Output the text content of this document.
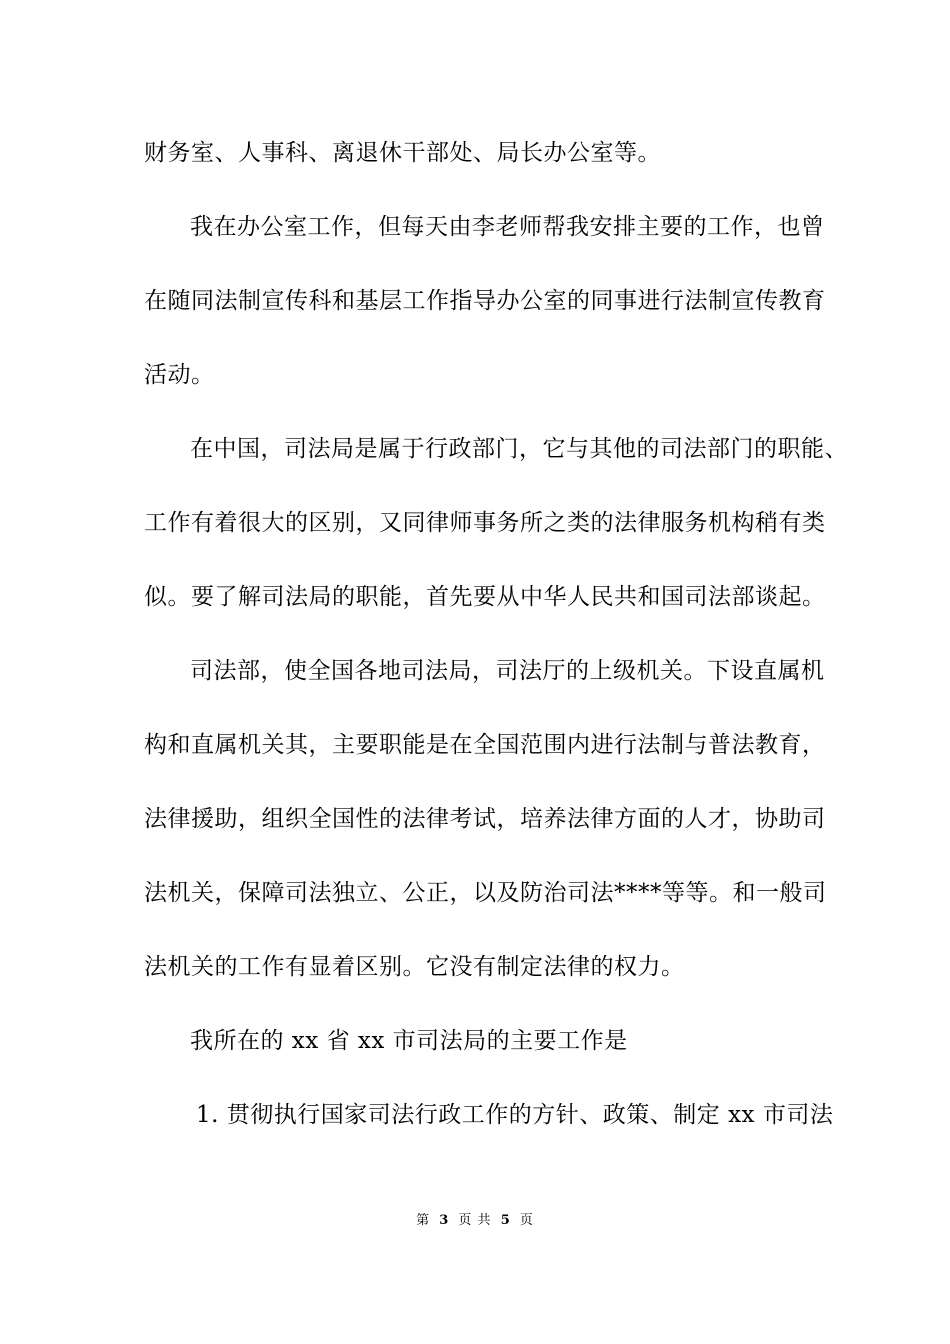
财务室、人事科、离退休干部处、局长办公室等。
我在办公室工作，但每天由李老师帮我安排主要的工作，也曾
在随同法制宣传科和基层工作指导办公室的同事进行法制宣传教育
活动。
在中国，司法局是属于行政部门，它与其他的司法部门的职能、
工作有着很大的区别，又同律师事务所之类的法律服务机构稍有类
似。要了解司法局的职能，首先要从中华人民共和国司法部谈起。
司法部，使全国各地司法局，司法厅的上级机关。下设直属机
构和直属机关其，主要职能是在全国范围内进行法制与普法教育，
法律援助，组织全国性的法律考试，培养法律方面的人才，协助司
法机关，保障司法独立、公正，以及防治司法****等等。和一般司
法机关的工作有显着区别。它没有制定法律的权力。
我所在的 xx 省 xx 市司法局的主要工作是
1. 贯彻执行国家司法行政工作的方针、政策、制定 xx 市司法
第 3 页 共 5 页
